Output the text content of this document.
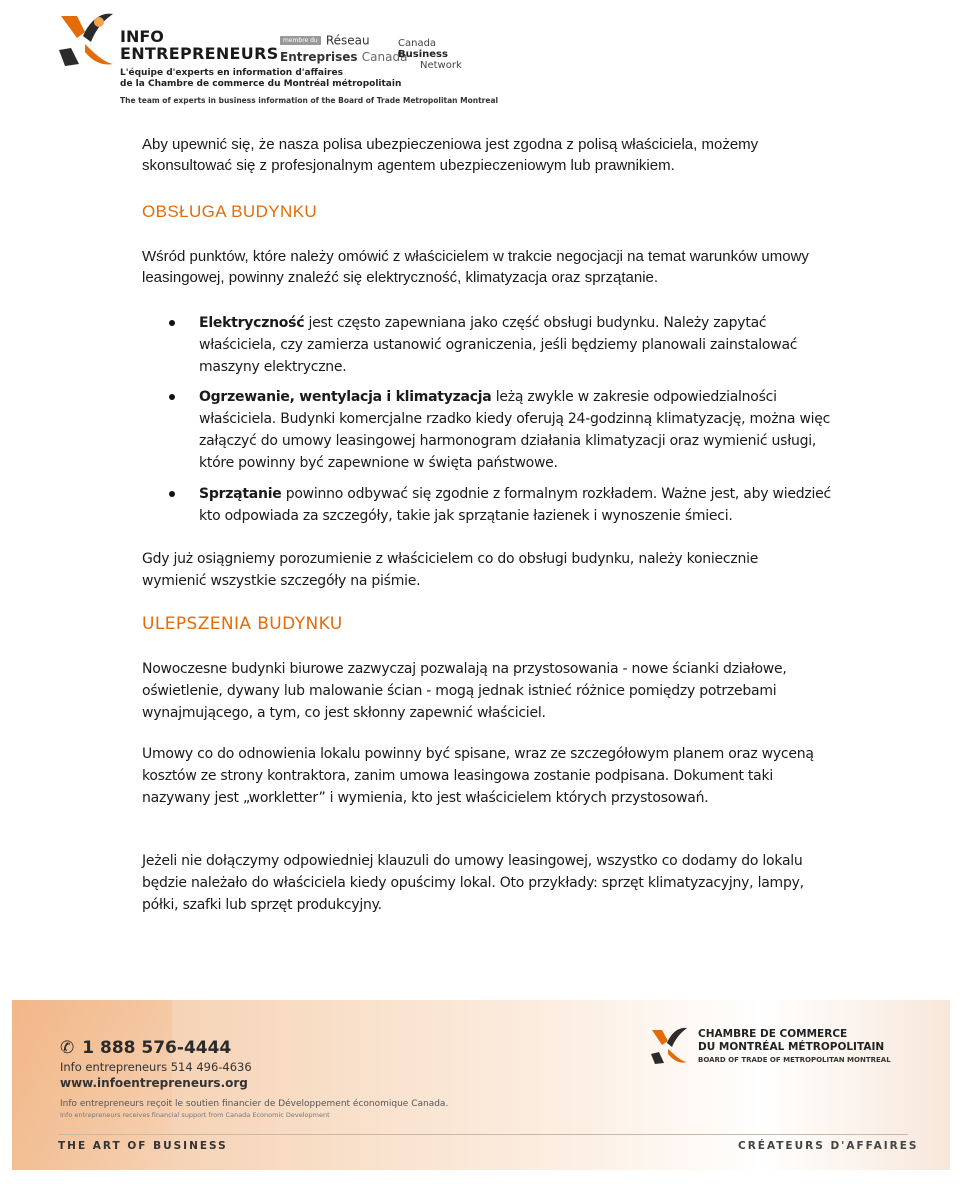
INFO
ENTREPRENEURS
membre du Réseau
Entreprises Canada
Canada Business
Network
L'équipe d'experts en information d'affaires
de la Chambre de commerce du Montréal métropolitain
The team of experts in business information of the Board of Trade Metropolitan Montreal

Aby upewnić się, że nasza polisa ubezpieczeniowa jest zgodna z polisą właściciela, możemy skonsultować się z profesjonalnym agentem ubezpieczeniowym lub prawnikiem.

OBSŁUGA BUDYNKU

Wśród punktów, które należy omówić z właścicielem w trakcie negocjacji na temat warunków umowy leasingowej, powinny znaleźć się elektryczność, klimatyzacja oraz sprzątanie.

Elektryczność jest często zapewniana jako część obsługi budynku. Należy zapytać właściciela, czy zamierza ustanowić ograniczenia, jeśli będziemy planowali zainstalować maszyny elektryczne.
Ogrzewanie, wentylacja i klimatyzacja leżą zwykle w zakresie odpowiedzialności właściciela. Budynki komercjalne rzadko kiedy oferują 24-godzinną klimatyzację, można więc załączyć do umowy leasingowej harmonogram działania klimatyzacji oraz wymienić usługi, które powinny być zapewnione w święta państwowe.
Sprzątanie powinno odbywać się zgodnie z formalnym rozkładem. Ważne jest, aby wiedzieć kto odpowiada za szczegóły, takie jak sprzątanie łazienek i wynoszenie śmieci.

Gdy już osiągniemy porozumienie z właścicielem co do obsługi budynku, należy koniecznie wymienić wszystkie szczegóły na piśmie.

ULEPSZENIA BUDYNKU

Nowoczesne budynki biurowe zazwyczaj pozwalają na przystosowania - nowe ścianki działowe, oświetlenie, dywany lub malowanie ścian - mogą jednak istnieć różnice pomiędzy potrzebami wynajmującego, a tym, co jest skłonny zapewnić właściciel.

Umowy co do odnowienia lokalu powinny być spisane, wraz ze szczegółowym planem oraz wyceną kosztów ze strony kontraktora, zanim umowa leasingowa zostanie podpisana. Dokument taki nazywany jest „workletter” i wymienia, kto jest właścicielem których przystosowań.

Jeżeli nie dołączymy odpowiedniej klauzuli do umowy leasingowej, wszystko co dodamy do lokalu będzie należało do właściciela kiedy opuścimy lokal. Oto przykłady: sprzęt klimatyzacyjny, lampy, półki, szafki lub sprzęt produkcyjny.

✆ 1 888 576-4444
Info entrepreneurs 514 496-4636
www.infoentrepreneurs.org
Info entrepreneurs reçoit le soutien financier de Développement économique Canada.
Info entrepreneurs receives financial support from Canada Economic Development
CHAMBRE DE COMMERCE
DU MONTRÉAL MÉTROPOLITAIN
BOARD OF TRADE OF METROPOLITAN MONTREAL
THE ART OF BUSINESS	CRÉATEURS D'AFFAIRES
